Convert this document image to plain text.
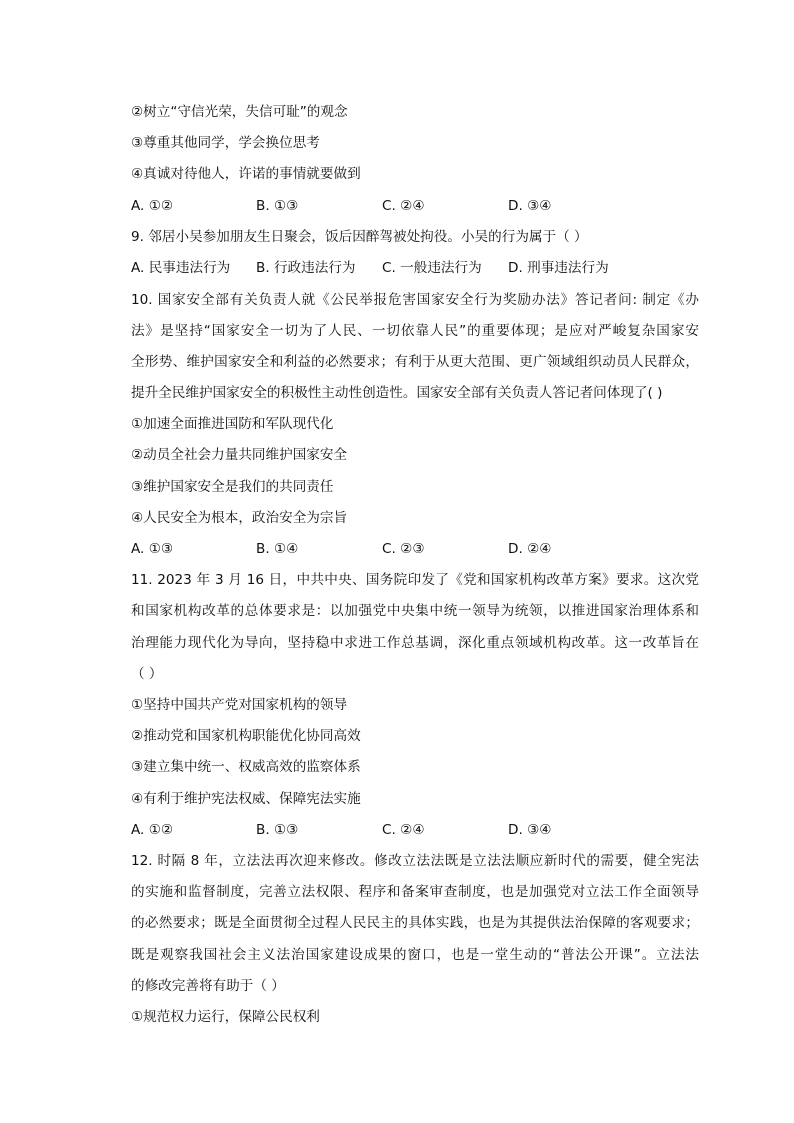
②树立“守信光荣，失信可耻”的观念
③尊重其他同学，学会换位思考
④真诚对待他人，许诺的事情就要做到
A. ①②	B. ①③	C. ②④	D. ③④
9. 邻居小吴参加朋友生日聚会，饭后因醉驾被处拘役。小吴的行为属于（ ）
A. 民事违法行为 B. 行政违法行为 C. 一般违法行为 D. 刑事违法行为
10. 国家安全部有关负责人就《公民举报危害国家安全行为奖励办法》答记者问: 制定《办
法》是坚持“国家安全一切为了人民、一切依靠人民”的重要体现；是应对严峻复杂国家安
全形势、维护国家安全和利益的必然要求；有利于从更大范围、更广领域组织动员人民群众，
提升全民维护国家安全的积极性主动性创造性。国家安全部有关负责人答记者问体现了( )
①加速全面推进国防和军队现代化
②动员全社会力量共同维护国家安全
③维护国家安全是我们的共同责任
④人民安全为根本，政治安全为宗旨
A. ①③	B. ①④	C. ②③	D. ②④
11. 2023 年 3 月 16 日，中共中央、国务院印发了《党和国家机构改革方案》要求。这次党
和国家机构改革的总体要求是：以加强党中央集中统一领导为统领，以推进国家治理体系和
治理能力现代化为导向，坚持稳中求进工作总基调，深化重点领域机构改革。这一改革旨在
（ ）
①坚持中国共产党对国家机构的领导
②推动党和国家机构职能优化协同高效
③建立集中统一、权威高效的监察体系
④有利于维护宪法权威、保障宪法实施
A. ①②	B. ①③	C. ②④	D. ③④
12. 时隔 8 年，立法法再次迎来修改。修改立法法既是立法法顺应新时代的需要，健全宪法
的实施和监督制度，完善立法权限、程序和备案审查制度，也是加强党对立法工作全面领导
的必然要求；既是全面贯彻全过程人民民主的具体实践，也是为其提供法治保障的客观要求；
既是观察我国社会主义法治国家建设成果的窗口，也是一堂生动的“普法公开课”。立法法
的修改完善将有助于（ ）
①规范权力运行，保障公民权利
